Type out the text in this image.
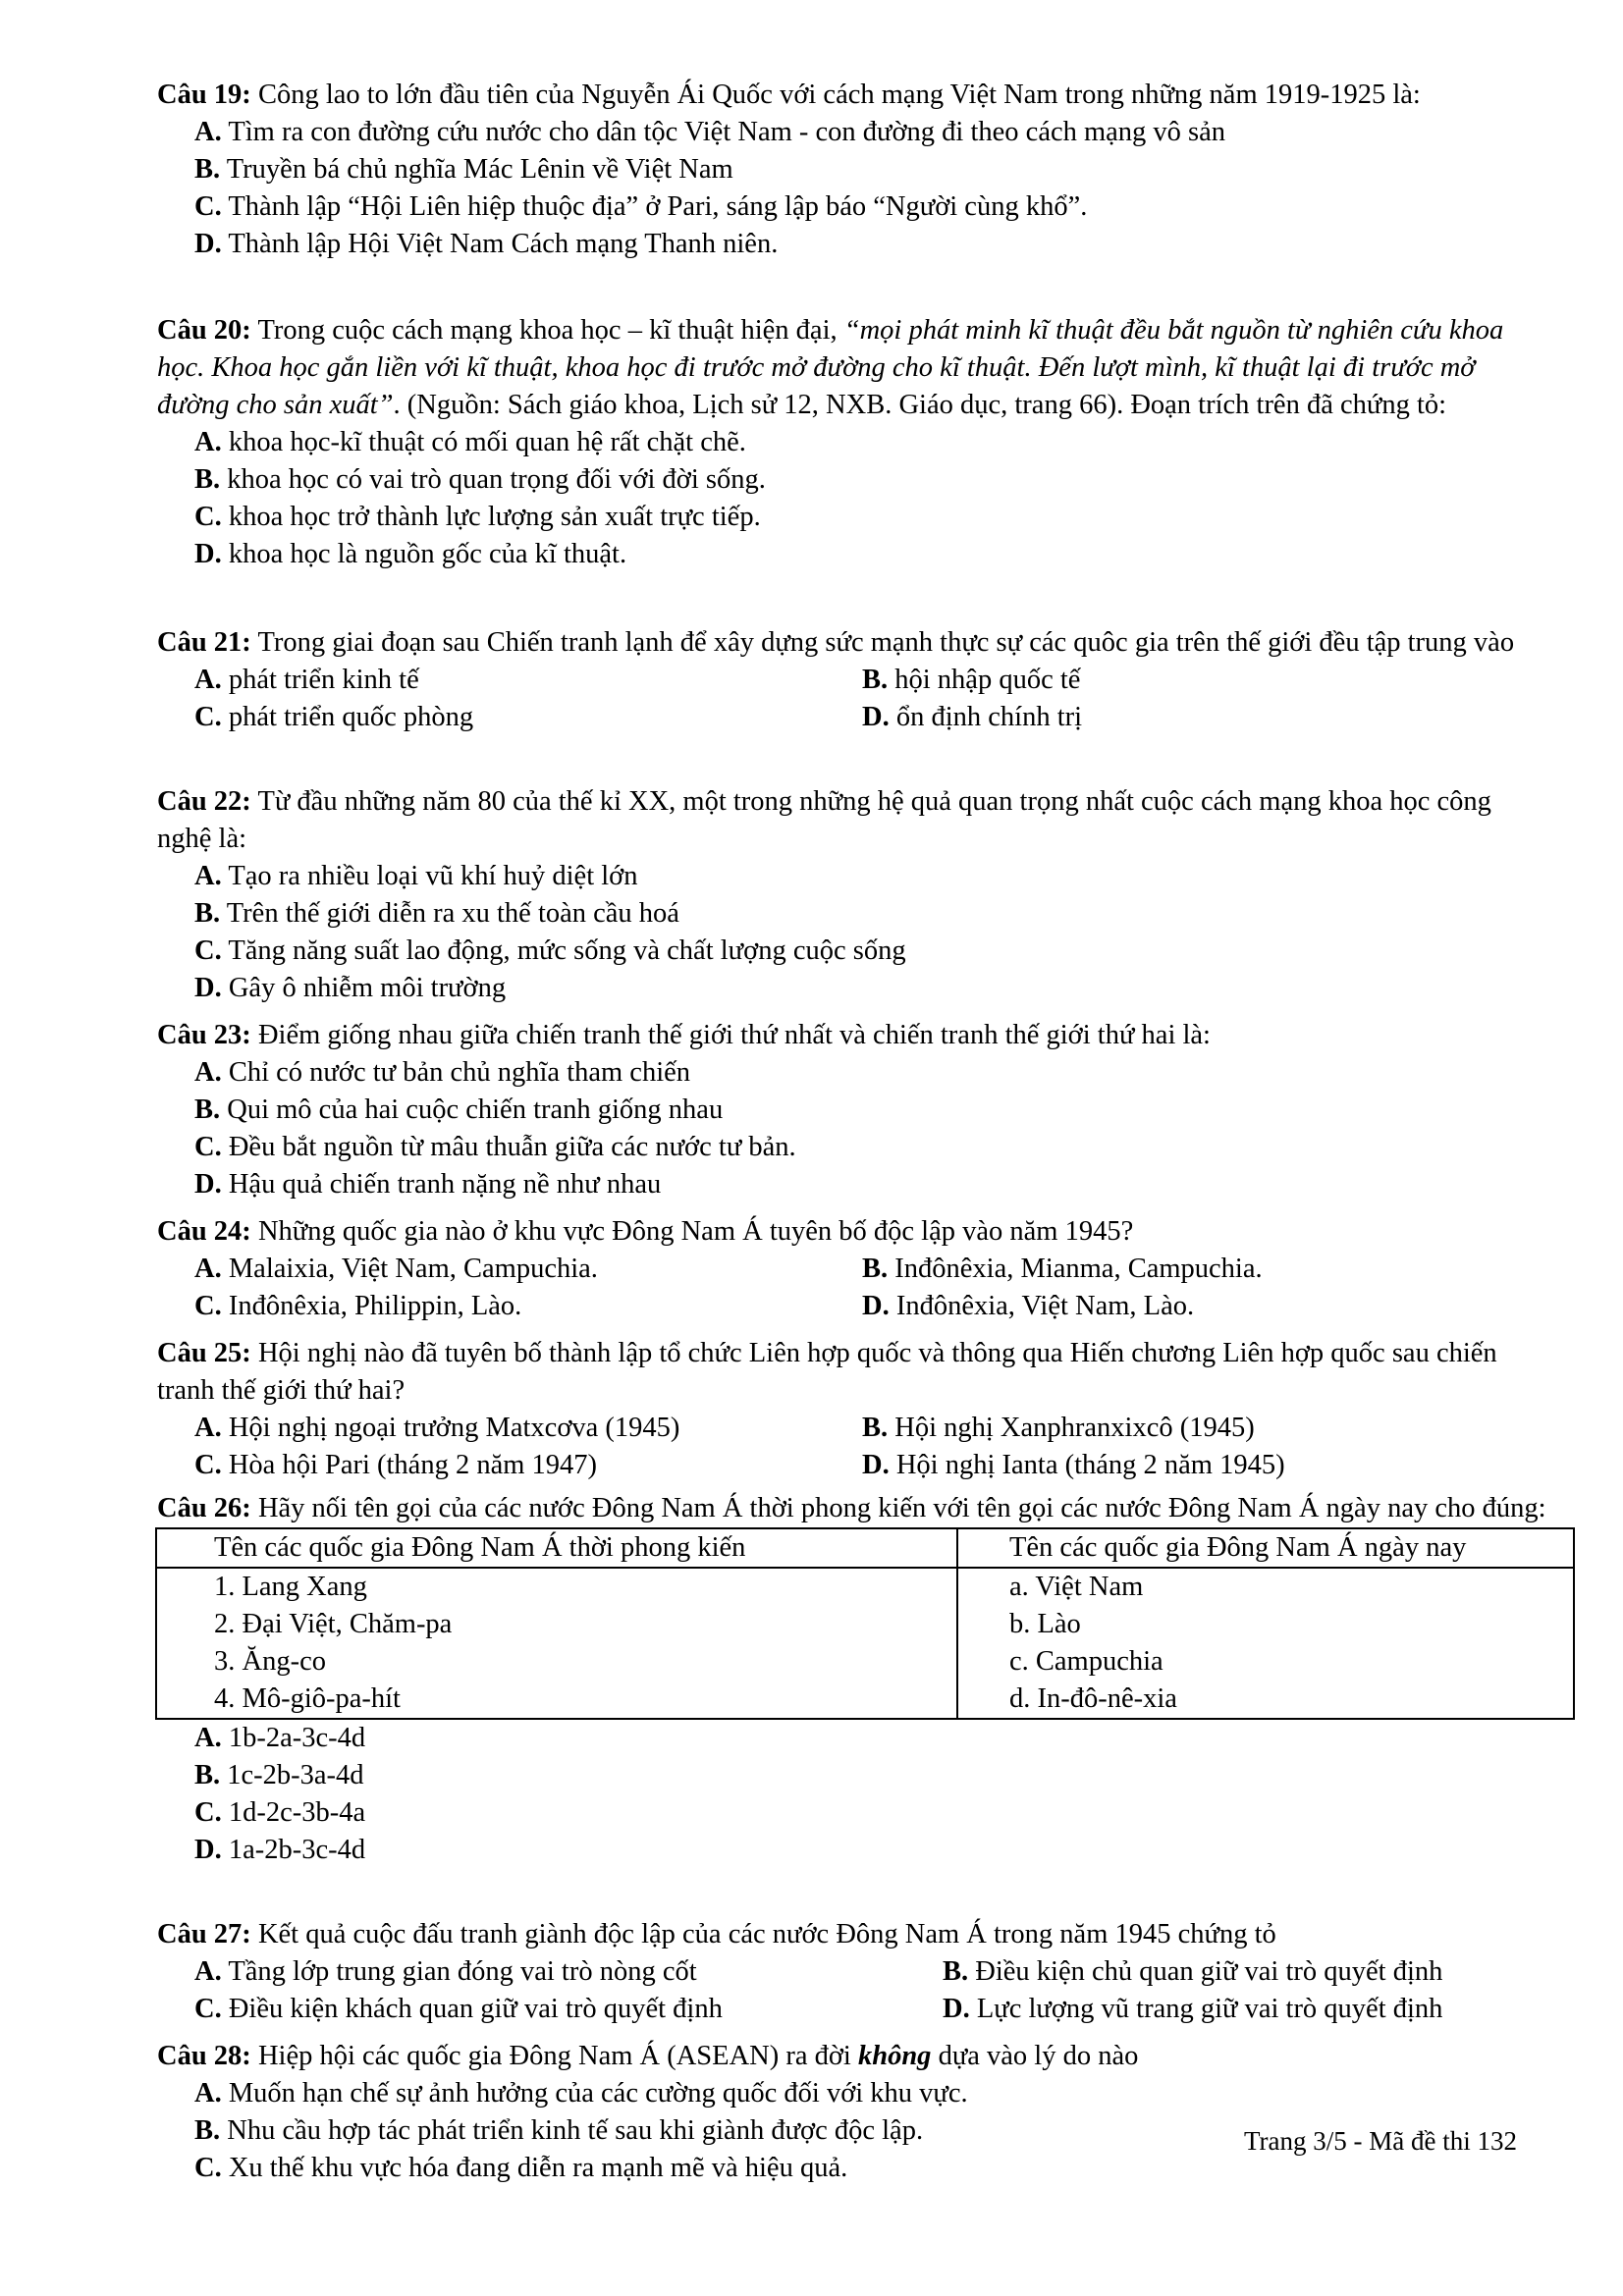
Câu 19: Công lao to lớn đầu tiên của Nguyễn Ái Quốc với cách mạng Việt Nam trong những năm 1919-1925 là:

A. Tìm ra con đường cứu nước cho dân tộc Việt Nam - con đường đi theo cách mạng vô sản
B. Truyền bá chủ nghĩa Mác Lênin về Việt Nam
C. Thành lập “Hội Liên hiệp thuộc địa” ở Pari, sáng lập báo “Người cùng khổ”.
D. Thành lập Hội Việt Nam Cách mạng Thanh niên.

Câu 20: Trong cuộc cách mạng khoa học – kĩ thuật hiện đại, “mọi phát minh kĩ thuật đều bắt nguồn từ nghiên cứu khoa học. Khoa học gắn liền với kĩ thuật, khoa học đi trước mở đường cho kĩ thuật. Đến lượt mình, kĩ thuật lại đi trước mở đường cho sản xuất”. (Nguồn: Sách giáo khoa, Lịch sử 12, NXB. Giáo dục, trang 66). Đoạn trích trên đã chứng tỏ:

A. khoa học-kĩ thuật có mối quan hệ rất chặt chẽ.
B. khoa học có vai trò quan trọng đối với đời sống.
C. khoa học trở thành lực lượng sản xuất trực tiếp.
D. khoa học là nguồn gốc của kĩ thuật.

Câu 21: Trong giai đoạn sau Chiến tranh lạnh để xây dựng sức mạnh thực sự các quôc gia trên thế giới đều tập trung vào

A. phát triển kinh tế	B. hội nhập quốc tế
C. phát triển quốc phòng	D. ổn định chính trị

Câu 22: Từ đầu những năm 80 của thế kỉ XX, một trong những hệ quả quan trọng nhất cuộc cách mạng khoa học công nghệ là:

A. Tạo ra nhiều loại vũ khí huỷ diệt lớn
B. Trên thế giới diễn ra xu thế toàn cầu hoá
C. Tăng năng suất lao động, mức sống và chất lượng cuộc sống
D. Gây ô nhiễm môi trường

Câu 23: Điểm giống nhau giữa chiến tranh thế giới thứ nhất và chiến tranh thế giới thứ hai là:

A. Chỉ có nước tư bản chủ nghĩa tham chiến
B. Qui mô của hai cuộc chiến tranh giống nhau
C. Đều bắt nguồn từ mâu thuẫn giữa các nước tư bản.
D. Hậu quả chiến tranh nặng nề như nhau

Câu 24: Những quốc gia nào ở khu vực Đông Nam Á tuyên bố độc lập vào năm 1945?

A. Malaixia, Việt Nam, Campuchia.	B. Inđônêxia, Mianma, Campuchia.
C. Inđônêxia, Philippin, Lào.	D. Inđônêxia, Việt Nam, Lào.

Câu 25: Hội nghị nào đã tuyên bố thành lập tổ chức Liên hợp quốc và thông qua Hiến chương Liên hợp quốc sau chiến tranh thế giới thứ hai?

A. Hội nghị ngoại trưởng Matxcơva (1945)	B. Hội nghị Xanphranxixcô (1945)
C. Hòa hội Pari (tháng 2 năm 1947)	D. Hội nghị Ianta (tháng 2 năm 1945)

Câu 26: Hãy nối tên gọi của các nước Đông Nam Á thời phong kiến với tên gọi các nước Đông Nam Á ngày nay cho đúng:

Tên các quốc gia Đông Nam Á thời phong kiến	Tên các quốc gia Đông Nam Á ngày nay
1. Lang Xang	a. Việt Nam
2. Đại Việt, Chăm-pa	b. Lào
3. Ăng-co	c. Campuchia
4. Mô-giô-pa-hít	d. In-đô-nê-xia
A. 1b-2a-3c-4d
B. 1c-2b-3a-4d
C. 1d-2c-3b-4a
D. 1a-2b-3c-4d

Câu 27: Kết quả cuộc đấu tranh giành độc lập của các nước Đông Nam Á trong năm 1945 chứng tỏ

A. Tầng lớp trung gian đóng vai trò nòng cốt	B. Điều kiện chủ quan giữ vai trò quyết định
C. Điều kiện khách quan giữ vai trò quyết định	D. Lực lượng vũ trang giữ vai trò quyết định

Câu 28: Hiệp hội các quốc gia Đông Nam Á (ASEAN) ra đời không dựa vào lý do nào

A. Muốn hạn chế sự ảnh hưởng của các cường quốc đối với khu vực.
B. Nhu cầu hợp tác phát triển kinh tế sau khi giành được độc lập.
C. Xu thế khu vực hóa đang diễn ra mạnh mẽ và hiệu quả.
Trang 3/5 - Mã đề thi 132
